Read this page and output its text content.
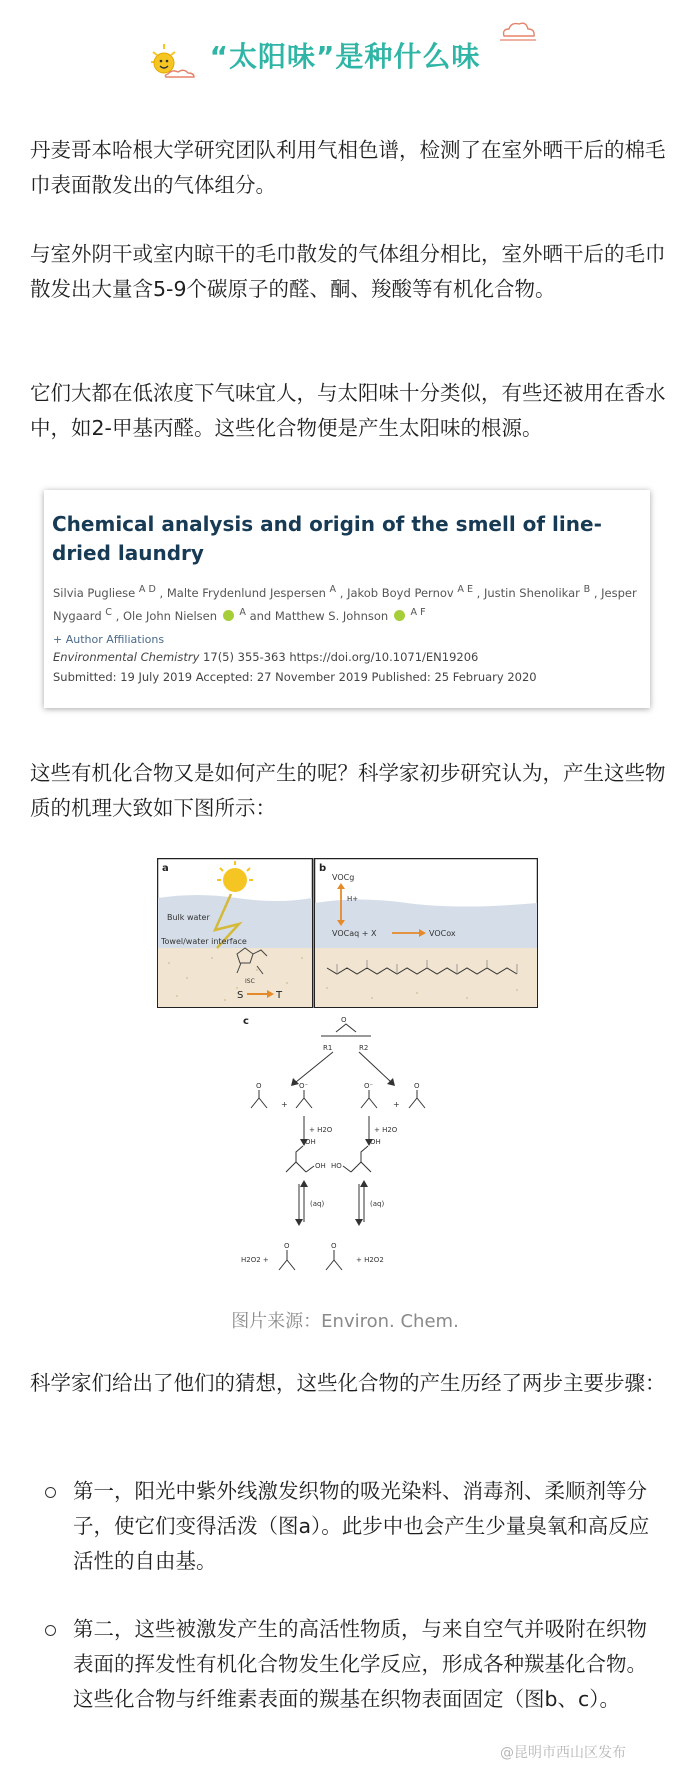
“太阳味”是种什么味
丹麦哥本哈根大学研究团队利用气相色谱，检测了在室外晒干后的棉毛巾表面散发出的气体组分。
与室外阴干或室内晾干的毛巾散发的气体组分相比，室外晒干后的毛巾散发出大量含5-9个碳原子的醛、酮、羧酸等有机化合物。
它们大都在低浓度下气味宜人，与太阳味十分类似，有些还被用在香水中，如2-甲基丙醛。这些化合物便是产生太阳味的根源。
Chemical analysis and origin of the smell of line-dried laundry
Silvia Pugliese $^{A D}$ , Malte Frydenlund Jespersen $^A$ , Jakob Boyd Pernov $^{A E}$ , Justin Shenolikar $^B$ , Jesper Nygaard $^C$ , Ole John Nielsen $^A$ and Matthew S. Johnson $^{A F}$
+ Author Affiliations
Environmental Chemistry 17(5) 355-363 https://doi.org/10.1071/EN19206
Submitted: 19 July 2019 Accepted: 27 November 2019 Published: 25 February 2020
这些有机化合物又是如何产生的呢？科学家初步研究认为，产生这些物质的机理大致如下图所示：
a
Bulk water
Towel/water interface
ISC
S	T
b
VOCg
H+
VOCaq + X	VOCox
c	O
R1	R2
O
+
O⁻	O⁻
+
O
+ H2O	+ H2O
OH
OH
OH
HO
(aq)	(aq)
H2O2 +
O	O
+ H2O2
图片来源：Environ. Chem.
科学家们给出了他们的猜想，这些化合物的产生历经了两步主要步骤：
第一，阳光中紫外线激发织物的吸光染料、消毒剂、柔顺剂等分子，使它们变得活泼（图a）。此步中也会产生少量臭氧和高反应活性的自由基。
第二，这些被激发产生的高活性物质，与来自空气并吸附在织物表面的挥发性有机化合物发生化学反应，形成各种羰基化合物。这些化合物与纤维素表面的羰基在织物表面固定（图b、c）。
@昆明市西山区发布
